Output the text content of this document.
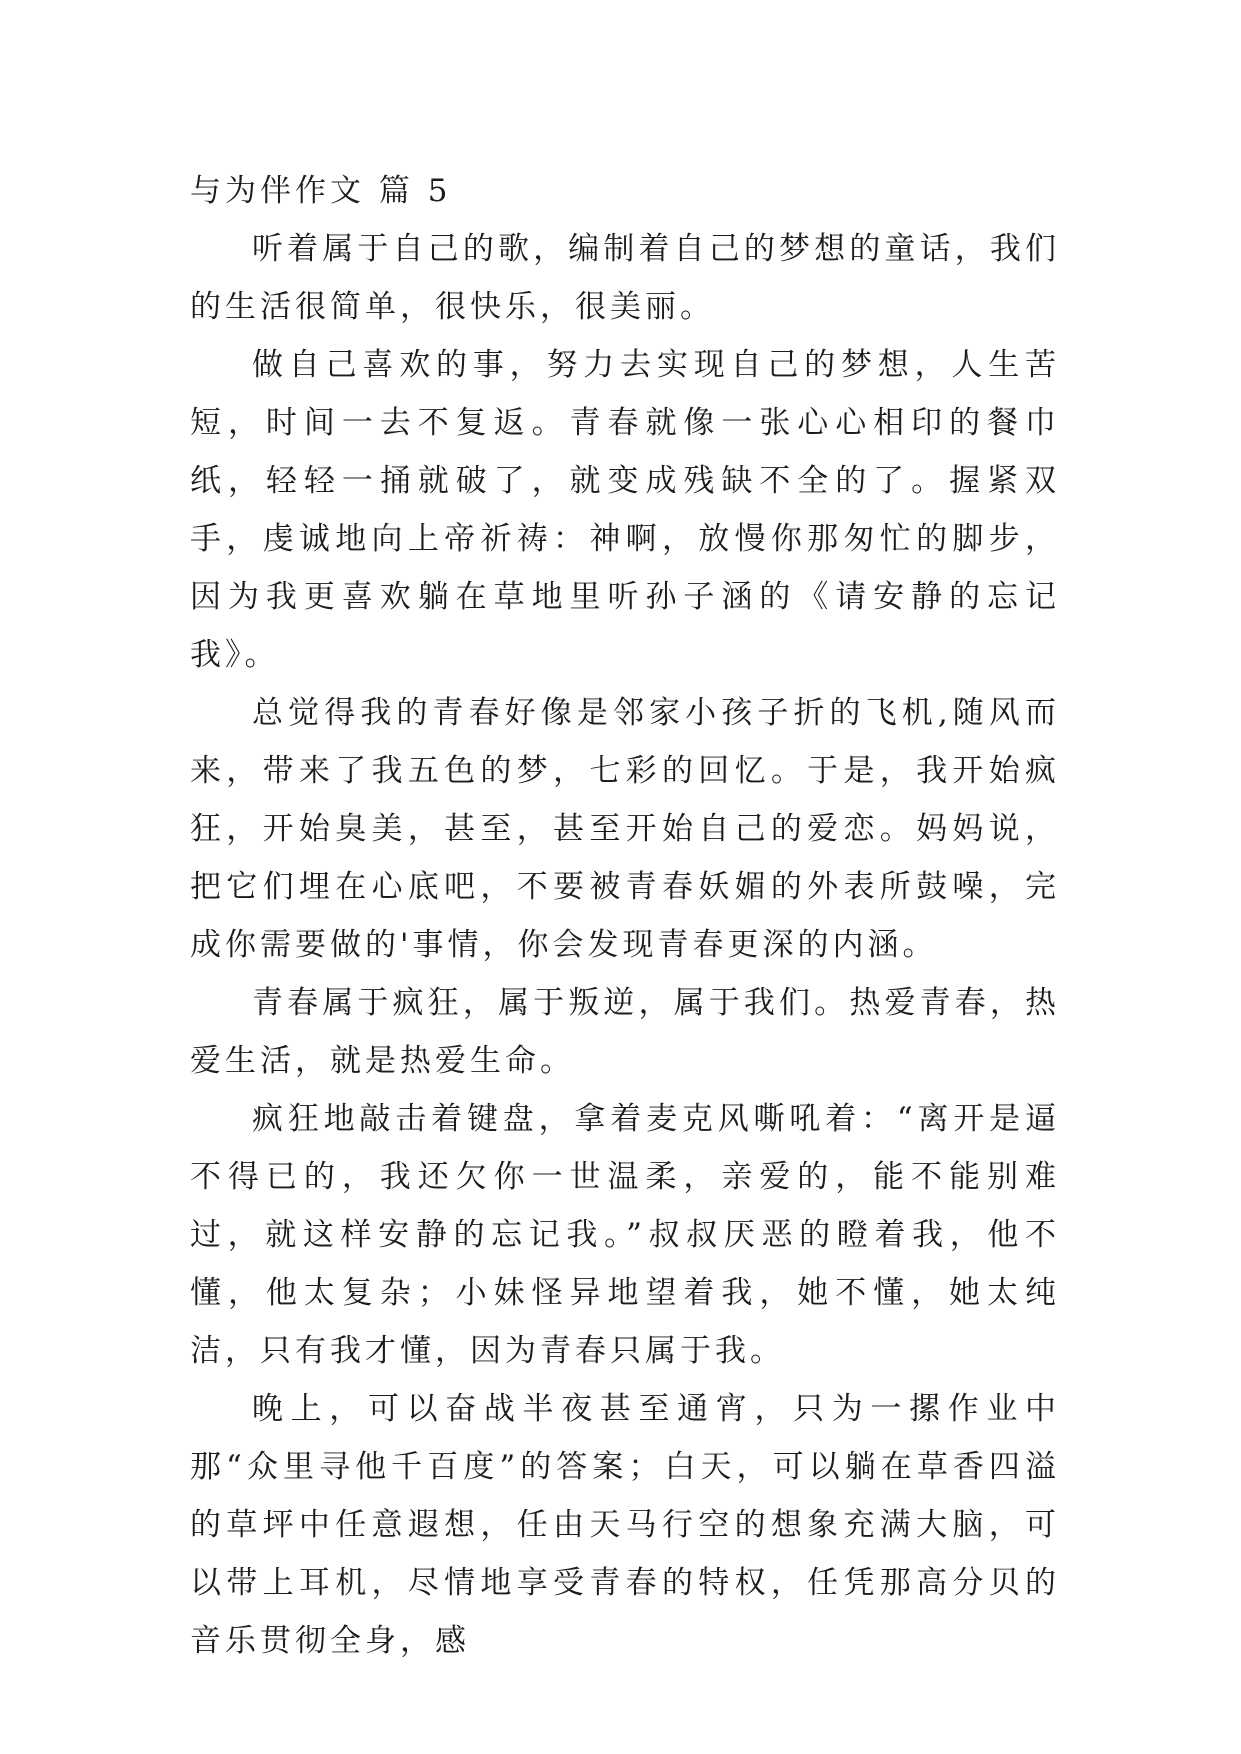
与为伴作文 篇 5

听着属于自己的歌，编制着自己的梦想的童话，我们的生活很简单，很快乐，很美丽。

做自己喜欢的事，努力去实现自己的梦想，人生苦短，时间一去不复返。青春就像一张心心相印的餐巾纸，轻轻一捅就破了，就变成残缺不全的了。握紧双手，虔诚地向上帝祈祷：神啊，放慢你那匆忙的脚步，因为我更喜欢躺在草地里听孙子涵的《请安静的忘记我》。

总觉得我的青春好像是邻家小孩子折的飞机,随风而来，带来了我五色的梦，七彩的回忆。于是，我开始疯狂，开始臭美，甚至，甚至开始自己的爱恋。妈妈说，把它们埋在心底吧，不要被青春妖媚的外表所鼓噪，完成你需要做的'事情，你会发现青春更深的内涵。

青春属于疯狂，属于叛逆，属于我们。热爱青春，热爱生活，就是热爱生命。

疯狂地敲击着键盘，拿着麦克风嘶吼着：“离开是逼不得已的，我还欠你一世温柔，亲爱的，能不能别难过，就这样安静的忘记我。”叔叔厌恶的瞪着我，他不懂，他太复杂；小妹怪异地望着我，她不懂，她太纯洁，只有我才懂，因为青春只属于我。

晚上，可以奋战半夜甚至通宵，只为一摞作业中那“众里寻他千百度”的答案；白天，可以躺在草香四溢的草坪中任意遐想，任由天马行空的想象充满大脑，可以带上耳机，尽情地享受青春的特权，任凭那高分贝的音乐贯彻全身，感
